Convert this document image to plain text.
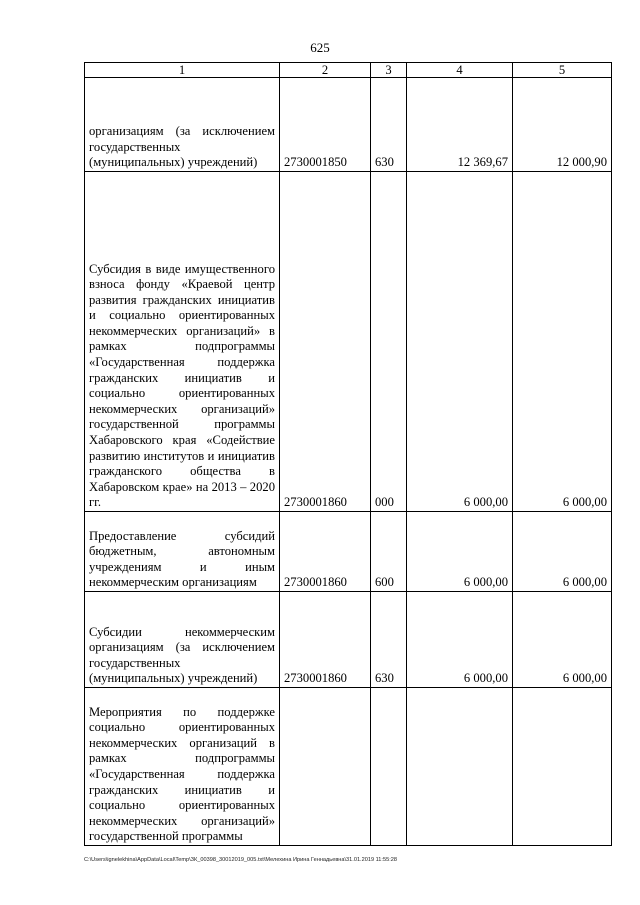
625
1	2	3	4	5
организациям (за исключением государственных (муниципальных) учреждений)	2730001850	630	12 369,67	12 000,90
Субсидия в виде имущественного взноса фонду «Краевой центр развития гражданских инициатив и социально ориентированных некоммерческих организаций» в рамках подпрограммы «Государственная поддержка гражданских инициатив и социально ориентированных некоммерческих организаций» государственной программы Хабаровского края «Содействие развитию институтов и инициатив гражданского общества в Хабаровском крае» на 2013 – 2020 гг.	2730001860	000	6 000,00	6 000,00
Предоставление субсидий бюджетным, автономным учреждениям и иным некоммерческим организациям	2730001860	600	6 000,00	6 000,00
Субсидии некоммерческим организациям (за исключением государственных (муниципальных) учреждений)	2730001860	630	6 000,00	6 000,00
Мероприятия по поддержке социально ориентированных некоммерческих организаций в рамках подпрограммы «Государственная поддержка гражданских инициатив и социально ориентированных некоммерческих организаций» государственной программы				
C:\Users\ignelekhina\AppData\Local\Temp\ЗК_00398_30012019_005.txt\Мелехина Ирина Геннадьевна\31.01.2019 11:55:28
